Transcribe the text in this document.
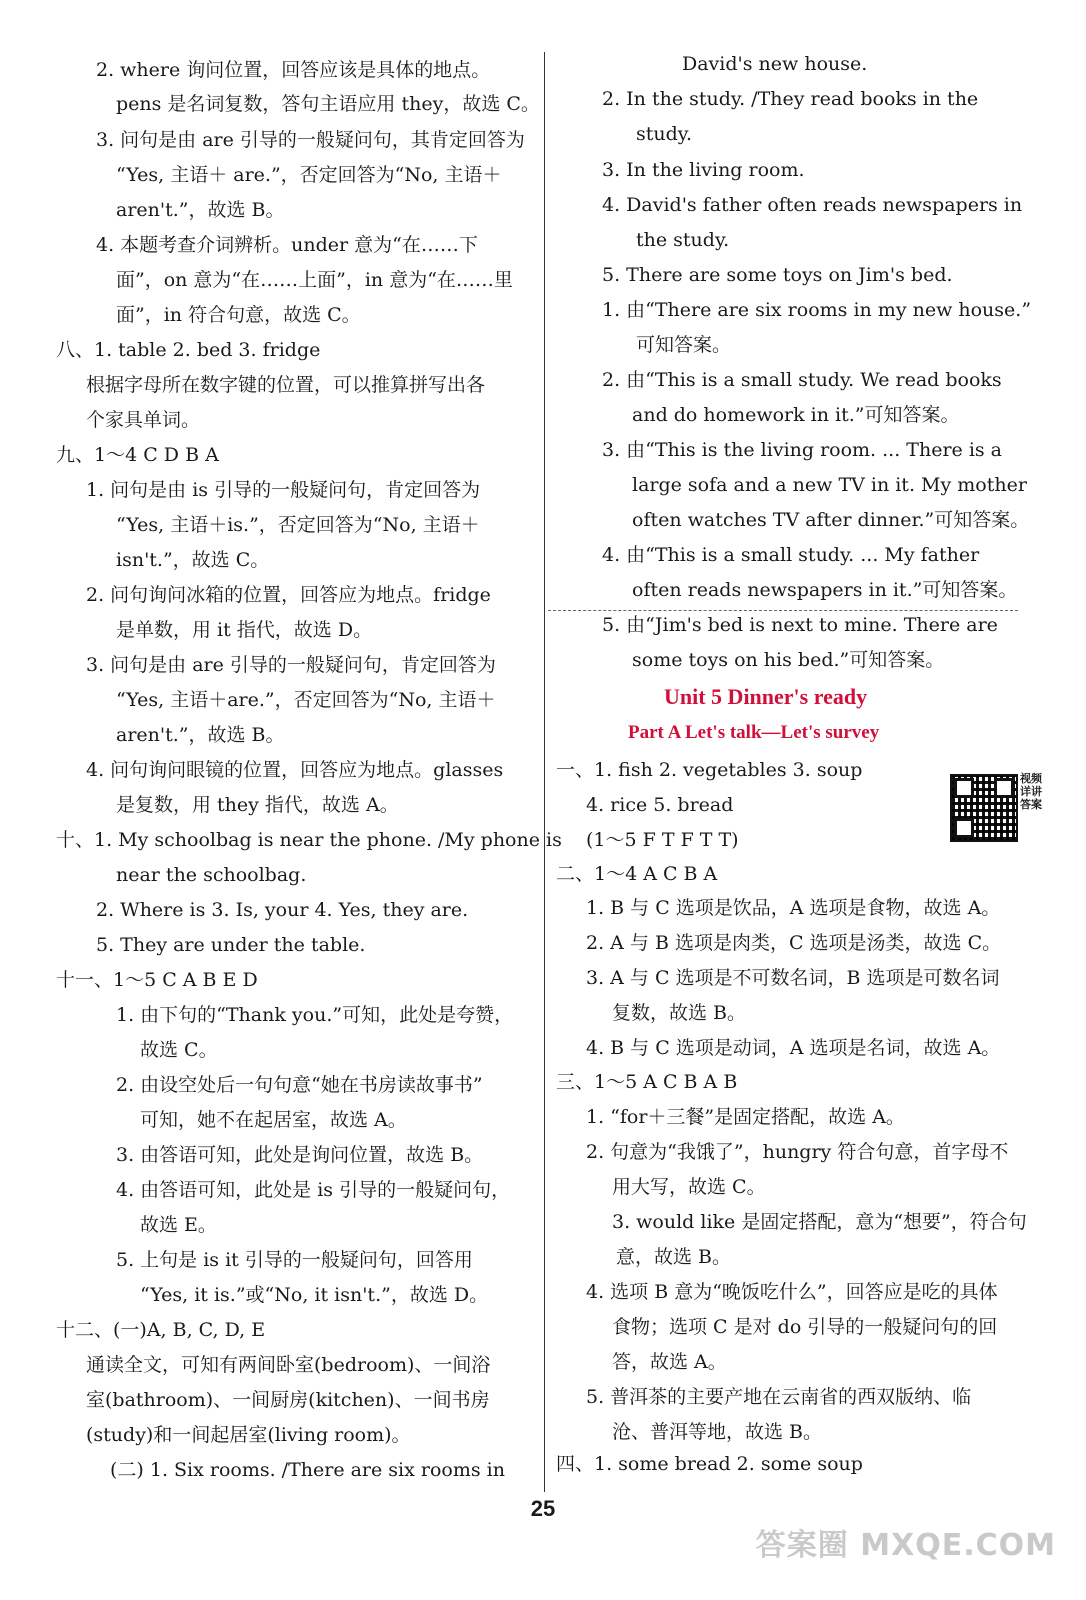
2. where 询问位置，回答应该是具体的地点。
pens 是名词复数，答句主语应用 they，故选 C。
3. 问句是由 are 引导的一般疑问句，其肯定回答为
“Yes, 主语＋ are.”，否定回答为“No, 主语＋
aren't.”，故选 B。
4. 本题考查介词辨析。under 意为“在……下
面”，on 意为“在……上面”，in 意为“在……里
面”，in 符合句意，故选 C。
八、1. table 2. bed 3. fridge
根据字母所在数字键的位置，可以推算拼写出各
个家具单词。
九、1～4 C D B A
1. 问句是由 is 引导的一般疑问句，肯定回答为
“Yes, 主语＋is.”，否定回答为“No, 主语＋
isn't.”，故选 C。
2. 问句询问冰箱的位置，回答应为地点。fridge
是单数，用 it 指代，故选 D。
3. 问句是由 are 引导的一般疑问句，肯定回答为
“Yes, 主语＋are.”，否定回答为“No, 主语＋
aren't.”，故选 B。
4. 问句询问眼镜的位置，回答应为地点。glasses
是复数，用 they 指代，故选 A。
十、1. My schoolbag is near the phone. /My phone is
near the schoolbag.
2. Where is 3. Is, your 4. Yes, they are.
5. They are under the table.
十一、1～5 C A B E D
1. 由下句的“Thank you.”可知，此处是夸赞，
故选 C。
2. 由设空处后一句句意“她在书房读故事书”
可知，她不在起居室，故选 A。
3. 由答语可知，此处是询问位置，故选 B。
4. 由答语可知，此处是 is 引导的一般疑问句，
故选 E。
5. 上句是 is it 引导的一般疑问句，回答用
“Yes, it is.”或“No, it isn't.”，故选 D。
十二、(一)A, B, C, D, E
通读全文，可知有两间卧室(bedroom)、一间浴
室(bathroom)、一间厨房(kitchen)、一间书房
(study)和一间起居室(living room)。
(二) 1. Six rooms. /There are six rooms in
David's new house.
2. In the study. /They read books in the
study.
3. In the living room.
4. David's father often reads newspapers in
the study.
5. There are some toys on Jim's bed.
1. 由“There are six rooms in my new house.”
可知答案。
2. 由“This is a small study. We read books
and do homework in it.”可知答案。
3. 由“This is the living room. ... There is a
large sofa and a new TV in it. My mother
often watches TV after dinner.”可知答案。
4. 由“This is a small study. ... My father
often reads newspapers in it.”可知答案。
5. 由“Jim's bed is next to mine. There are
some toys on his bed.”可知答案。
一、1. fish 2. vegetables 3. soup
4. rice 5. bread
(1～5 F T F T T)
二、1～4 A C B A
1. B 与 C 选项是饮品，A 选项是食物，故选 A。
2. A 与 B 选项是肉类，C 选项是汤类，故选 C。
3. A 与 C 选项是不可数名词，B 选项是可数名词
复数，故选 B。
4. B 与 C 选项是动词，A 选项是名词，故选 A。
三、1～5 A C B A B
1. “for＋三餐”是固定搭配，故选 A。
2. 句意为“我饿了”，hungry 符合句意，首字母不
用大写，故选 C。
3. would like 是固定搭配，意为“想要”，符合句
意，故选 B。
4. 选项 B 意为“晚饭吃什么”，回答应是吃的具体
食物；选项 C 是对 do 引导的一般疑问句的回
答，故选 A。
5. 普洱茶的主要产地在云南省的西双版纳、临
沧、普洱等地，故选 B。
四、1. some bread 2. some soup
Unit 5 Dinner's ready
Part A Let's talk—Let's survey
视频详讲答案
25
答案圈 MXQE.COM
